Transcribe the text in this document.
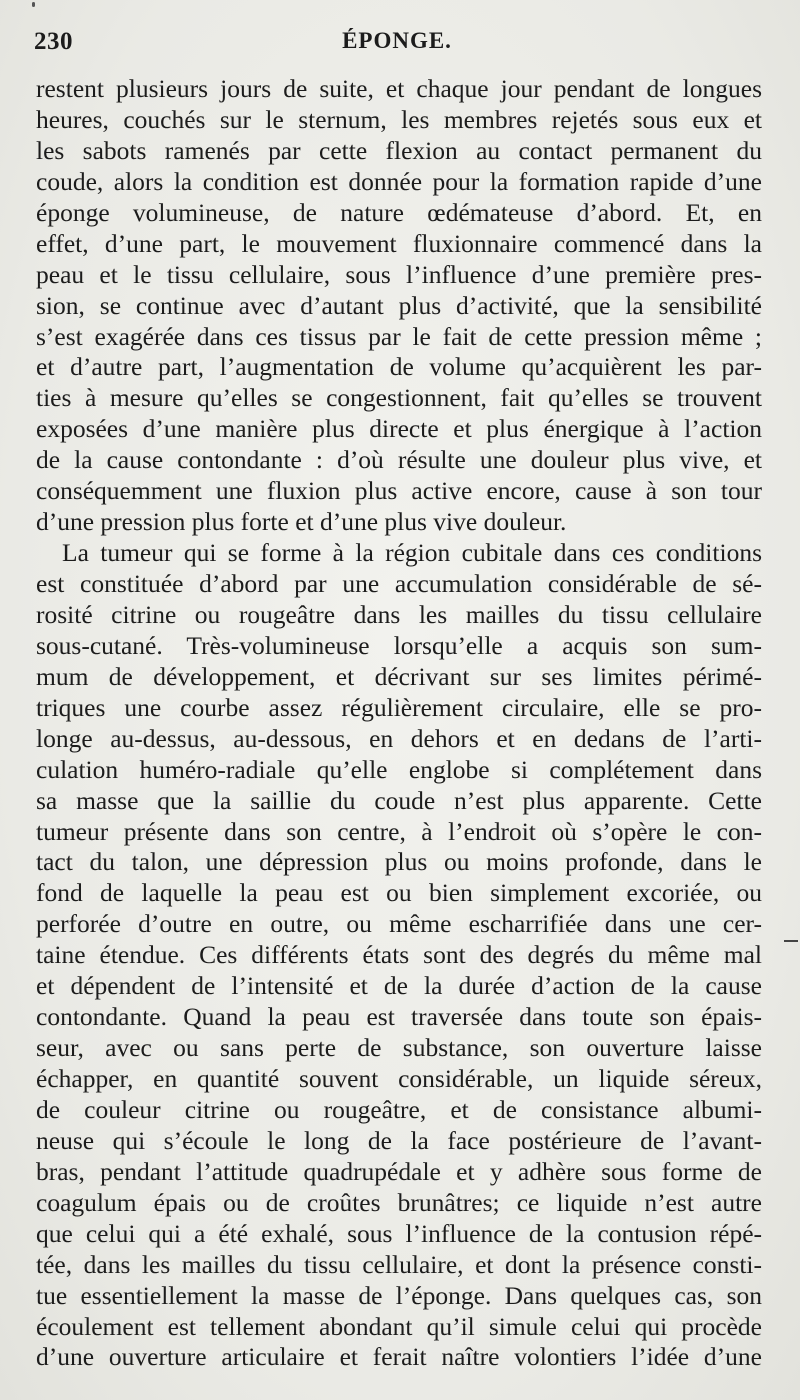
230	ÉPONGE.
restent plusieurs jours de suite, et chaque jour pendant de longues
heures, couchés sur le sternum, les membres rejetés sous eux et
les sabots ramenés par cette flexion au contact permanent du
coude, alors la condition est donnée pour la formation rapide d’une
éponge volumineuse, de nature œdémateuse d’abord. Et, en
effet, d’une part, le mouvement fluxionnaire commencé dans la
peau et le tissu cellulaire, sous l’influence d’une première pres-
sion, se continue avec d’autant plus d’activité, que la sensibilité
s’est exagérée dans ces tissus par le fait de cette pression même ;
et d’autre part, l’augmentation de volume qu’acquièrent les par-
ties à mesure qu’elles se congestionnent, fait qu’elles se trouvent
exposées d’une manière plus directe et plus énergique à l’action
de la cause contondante : d’où résulte une douleur plus vive, et
conséquemment une fluxion plus active encore, cause à son tour
d’une pression plus forte et d’une plus vive douleur.
La tumeur qui se forme à la région cubitale dans ces conditions
est constituée d’abord par une accumulation considérable de sé-
rosité citrine ou rougeâtre dans les mailles du tissu cellulaire
sous-cutané. Très-volumineuse lorsqu’elle a acquis son sum-
mum de développement, et décrivant sur ses limites périmé-
triques une courbe assez régulièrement circulaire, elle se pro-
longe au-dessus, au-dessous, en dehors et en dedans de l’arti-
culation huméro-radiale qu’elle englobe si complétement dans
sa masse que la saillie du coude n’est plus apparente. Cette
tumeur présente dans son centre, à l’endroit où s’opère le con-
tact du talon, une dépression plus ou moins profonde, dans le
fond de laquelle la peau est ou bien simplement excoriée, ou
perforée d’outre en outre, ou même escharrifiée dans une cer-
taine étendue. Ces différents états sont des degrés du même mal
et dépendent de l’intensité et de la durée d’action de la cause
contondante. Quand la peau est traversée dans toute son épais-
seur, avec ou sans perte de substance, son ouverture laisse
échapper, en quantité souvent considérable, un liquide séreux,
de couleur citrine ou rougeâtre, et de consistance albumi-
neuse qui s’écoule le long de la face postérieure de l’avant-
bras, pendant l’attitude quadrupédale et y adhère sous forme de
coagulum épais ou de croûtes brunâtres; ce liquide n’est autre
que celui qui a été exhalé, sous l’influence de la contusion répé-
tée, dans les mailles du tissu cellulaire, et dont la présence consti-
tue essentiellement la masse de l’éponge. Dans quelques cas, son
écoulement est tellement abondant qu’il simule celui qui procède
d’une ouverture articulaire et ferait naître volontiers l’idée d’une
